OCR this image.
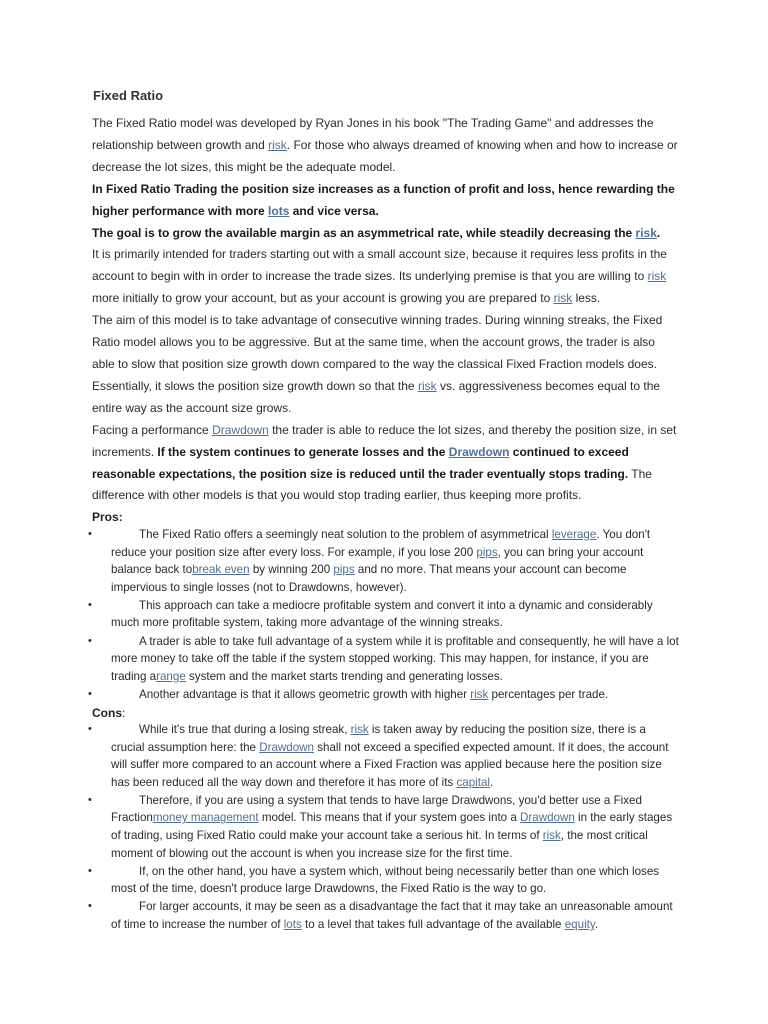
Fixed Ratio

The Fixed Ratio model was developed by Ryan Jones in his book "The Trading Game" and addresses the relationship between growth and risk. For those who always dreamed of knowing when and how to increase or decrease the lot sizes, this might be the adequate model.

In Fixed Ratio Trading the position size increases as a function of profit and loss, hence rewarding the higher performance with more lots and vice versa.

The goal is to grow the available margin as an asymmetrical rate, while steadily decreasing the risk.

It is primarily intended for traders starting out with a small account size, because it requires less profits in the account to begin with in order to increase the trade sizes. Its underlying premise is that you are willing to risk more initially to grow your account, but as your account is growing you are prepared to risk less.

The aim of this model is to take advantage of consecutive winning trades. During winning streaks, the Fixed Ratio model allows you to be aggressive. But at the same time, when the account grows, the trader is also able to slow that position size growth down compared to the way the classical Fixed Fraction models does. Essentially, it slows the position size growth down so that the risk vs. aggressiveness becomes equal to the entire way as the account size grows.

Facing a performance Drawdown the trader is able to reduce the lot sizes, and thereby the position size, in set increments. If the system continues to generate losses and the Drawdown continued to exceed reasonable expectations, the position size is reduced until the trader eventually stops trading. The difference with other models is that you would stop trading earlier, thus keeping more profits.

Pros:
•	The Fixed Ratio offers a seemingly neat solution to the problem of asymmetrical leverage. You don't reduce your position size after every loss. For example, if you lose 200 pips, you can bring your account balance back tobreak even by winning 200 pips and no more. That means your account can become impervious to single losses (not to Drawdowns, however).
•	This approach can take a mediocre profitable system and convert it into a dynamic and considerably much more profitable system, taking more advantage of the winning streaks.
•	A trader is able to take full advantage of a system while it is profitable and consequently, he will have a lot more money to take off the table if the system stopped working. This may happen, for instance, if you are trading arange system and the market starts trending and generating losses.
•	Another advantage is that it allows geometric growth with higher risk percentages per trade.
Cons:
•	While it's true that during a losing streak, risk is taken away by reducing the position size, there is a crucial assumption here: the Drawdown shall not exceed a specified expected amount. If it does, the account will suffer more compared to an account where a Fixed Fraction was applied because here the position size has been reduced all the way down and therefore it has more of its capital.
•	Therefore, if you are using a system that tends to have large Drawdwons, you'd better use a Fixed Fractionmoney management model. This means that if your system goes into a Drawdown in the early stages of trading, using Fixed Ratio could make your account take a serious hit. In terms of risk, the most critical moment of blowing out the account is when you increase size for the first time.
•	If, on the other hand, you have a system which, without being necessarily better than one which loses most of the time, doesn't produce large Drawdowns, the Fixed Ratio is the way to go.
•	For larger accounts, it may be seen as a disadvantage the fact that it may take an unreasonable amount of time to increase the number of lots to a level that takes full advantage of the available equity.
